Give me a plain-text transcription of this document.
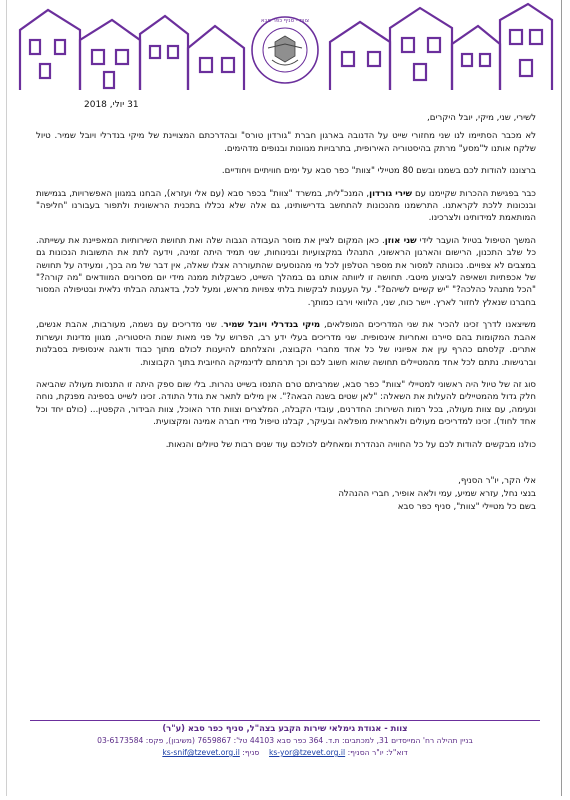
צוות - סניף כפר סבא
31 יולי, 2018

לשירי, שני, מיקי, יובל היקרים,

לא מכבר הסתיימו לנו שני מחזורי שייט על הדנובה בארגון חברת "גורדון טורס" ובהדרכתם המצויינת של מיקי בנדרלי ויובל שמיר. טיול שלקח אותנו ל"מסע" מרתק בהיסטוריה האירופית, בתרבויות מגוונות ובנופים מדהימים.

ברצוננו להודות לכם בשמנו ובשם 80 מטיילי "צוות" כפר סבא על ימים חוויתיים ויחודיים.

כבר בפגישת ההכרות שקיימנו עם שירי גורדון, המנכ"לית, במשרד "צוות" בכפר סבא (עם אלי ועזרא), הבחנו במגוון האפשרויות, בגמישות ובנכונות ללכת לקראתנו. התרשמנו מהנכונות להתחשב בדרישותינו, גם אלה שלא נכללו בתכנית הראשונית ולתפור בעבורנו "חליפה" המותאמת למידותינו ולצרכינו.

המשך הטיפול בטיול הועבר לידי שני אוזן. כאן המקום לציין את מוסר העבודה הגבוה שלה ואת תחושת השירותיות המאפיינת את עשייתה. כל שלב התכנון, הרישום והארגון הראשוני, התנהלו במקצועיות ובנינוחות, שני תמיד היתה זמינה, וידעה לתת את התשובות הנכונות גם במצבים לא צפויים. נכונותה למסור את מספר הטלפון לכל מי מהנוסעים שהתעוררה אצלו שאלה, אין דבר של מה בכך, ומעידה על תחושה של אכפתיות ושאיפה לביצוע מיטבי. תחושה זו ליוותה אותנו גם במהלך השייט, כשבקלות ממנה מידי יום מסרונים המוודאים "מה קורה?" "הכל מתנהל כהלכה?" "יש קשיים לשיהם?". על העענות לבקשות בלתי צפויות מראש, ומעל לכל, בדאגתה הבלתי נלאית ובטיפולה המסור בחברנו שנאלץ לחזור לארץ. יישר כוח, שני, הלוואי וירבו כמותך.

משיצאנו לדרך זכינו להכיר את שני המדריכים המופלאים, מיקי בנדרלי ויובל שמיר. שני מדריכים עם נשמה, מעורבות, אהבת אנשים, אהבת המקומות בהם סיירנו ואחריות אינסופית. שני מדריכים בעלי ידע רב, הפרוש על פני מאות שנות היסטוריה, מגוון מדינות ועשרות אתרים. קלסתם כהרף עין את אפיוניו של כל אחד מחברי הקבוצה, והצלחתם להיענות לכולם מתוך כבוד ודאגה אינסופית בסבלנות וברגישות. נתתם לכל אחד מהמטיילים תחושה שהוא חשוב לכם וכך תרמתם לדינמיקה החיובית בתוך הקבוצות.

סוג זה של טיול היה ראשוני למטיילי "צוות" כפר סבא, שמרביתם טרם התנסו בשייט נהרות. בלי שום ספק היתה זו התנסות מעולה שהביאה חלק גדול מהמטיילים להעלות את השאלה: "לאן שטים בשנה הבאה?". אין מילים לתאר את גודל התודה. זכינו לשייט בספינה מפנקת, נוחה ונעימה, עם צוות מעולה, בכל רמות השירות: החדרנים, עובדי הקבלה, המלצרים וצוות חדר האוכל, צוות הבידור, הקפטין... (כולם יחד וכל אחד לחוד). זכינו למדריכים מעולים ולאחראית מופלאה ובעיקר, קבלנו טיפול מידי חברה אמינה ומקצועית.

כולנו מבקשים להודות לכם על כל החוויה הנהדרת ומאחלים לכולכם עוד שנים רבות של טיולים והנאות.

אלי הקר, יו"ר הסניף,
בנצי נחל, עזרא שמיע, עמי ולאה אופיר, חברי ההנהלה
בשם כל מטיילי "צוות", סניף כפר סבא
צוות - אגודת גימלאי שירות הקבע בצה"ל, סניף כפר סבא (ע"ר)
בניין תהילה רח' המייסדים 31, למכתבים: ת.ד. 364 כפר סבא 44103 טל': 7659867 (משיבון), פקס: 03-6173584
דוא"ל: יו"ר הסניף: ks-yor@tzevet.org.il    סניף: ks-snif@tzevet.org.il
